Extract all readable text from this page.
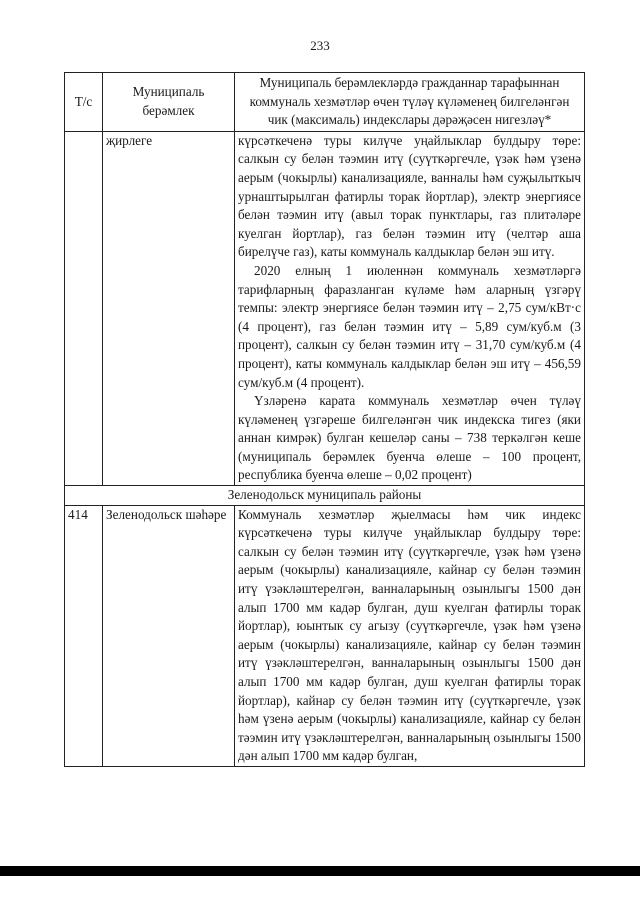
233
Т/с	Муниципаль берәмлек	Муниципаль берәмлекләрдә гражданнар тарафыннан коммуналь хезмәтләр өчен түләү күләменең билгеләнгән чик (максималь) индекслары дәрәҗәсен нигезләү*
	җирлеге	күрсәткеченә туры килүче уңайлыклар булдыру төре: салкын су белән тәэмин итү (суүткәргечле, үзәк һәм үзенә аерым (чокырлы) канализацияле, ванналы һәм суҗылыткыч урнаштырылган фатирлы торак йортлар), электр энергиясе белән тәэмин итү (авыл торак пунктлары, газ плитәләре куелган йортлар), газ белән тәэмин итү (челтәр аша бирелүче газ), каты коммуналь калдыклар белән эш итү.
2020 елның 1 июленнән коммуналь хезмәтләргә тарифларның фаразланган күләме һәм аларның үзгәрү темпы: электр энергиясе белән тәэмин итү – 2,75 сум/кВт·с (4 процент), газ белән тәэмин итү – 5,89 сум/куб.м (3 процент), салкын су белән тәэмин итү – 31,70 сум/куб.м (4 процент), каты коммуналь калдыклар белән эш итү – 456,59 сум/куб.м (4 процент).
Үзләренә карата коммуналь хезмәтләр өчен түләү күләменең үзгәреше билгеләнгән чик индекска тигез (яки аннан кимрәк) булган кешеләр саны – 738 теркәлгән кеше (муниципаль берәмлек буенча өлеше – 100 процент, республика буенча өлеше – 0,02 процент)

Зеленодольск муниципаль районы		
414	Зеленодольск шәһәре	Коммуналь хезмәтләр җыелмасы һәм чик индекс күрсәткеченә туры килүче уңайлыклар булдыру төре: салкын су белән тәэмин итү (суүткәргечле, үзәк һәм үзенә аерым (чокырлы) канализацияле, кайнар су белән тәэмин итү үзәкләштерелгән, ванналарының озынлыгы 1500 дән алып 1700 мм кадәр булган, душ куелган фатирлы торак йортлар), юынтык су агызу (суүткәргечле, үзәк һәм үзенә аерым (чокырлы) канализацияле, кайнар су белән тәэмин итү үзәкләштерелгән, ванналарының озынлыгы 1500 дән алып 1700 мм кадәр булган, душ куелган фатирлы торак йортлар), кайнар су белән тәэмин итү (суүткәргечле, үзәк һәм үзенә аерым (чокырлы) канализацияле, кайнар су белән тәэмин итү үзәкләштерелгән, ванналарының озынлыгы 1500 дән алып 1700 мм кадәр булган,
